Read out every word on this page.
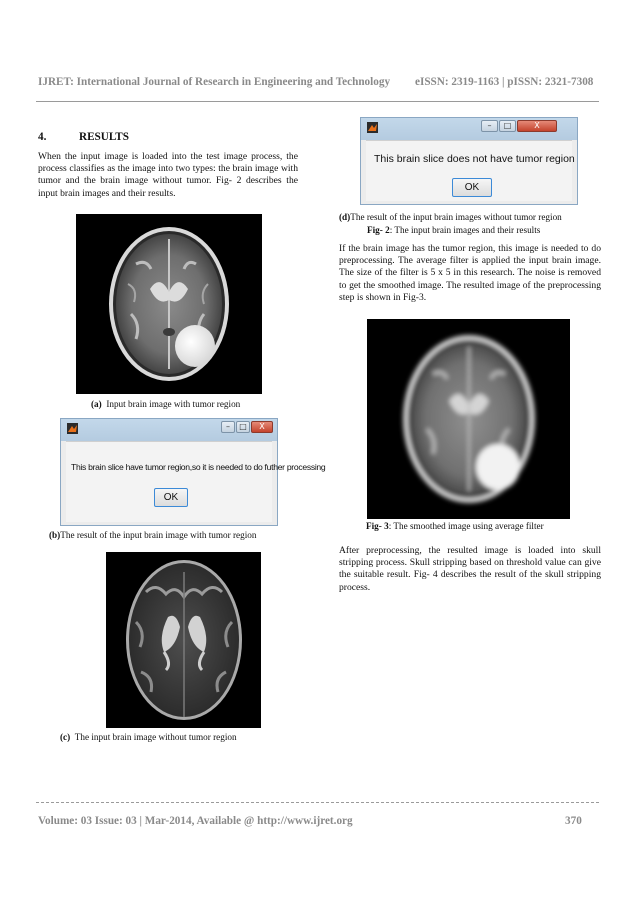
IJRET: International Journal of Research in Engineering and Technology eISSN: 2319-1163 | pISSN: 2321-7308
4.	RESULTS
When the input image is loaded into the test image process, the process classifies as the image into two types: the brain image with tumor and the brain image without tumor. Fig- 2 describes the input brain images and their results.
(a) Input brain image with tumor region
–	□	X
This brain slice have tumor region,so it is needed to do futher processing
OK
(b)The result of the input brain image with tumor region
(c) The input brain image without tumor region
–	□	X
This brain slice does not have tumor region
OK
(d)The result of the input brain images without tumor region
Fig- 2: The input brain images and their results
If the brain image has the tumor region, this image is needed to do preprocessing. The average filter is applied the input brain image. The size of the filter is 5 x 5 in this research. The noise is removed to get the smoothed image. The resulted image of the preprocessing step is shown in Fig-3.
Fig- 3: The smoothed image using average filter
After preprocessing, the resulted image is loaded into skull stripping process. Skull stripping based on threshold value can give the suitable result. Fig- 4 describes the result of the skull stripping process.
Volume: 03 Issue: 03 | Mar-2014, Available @ http://www.ijret.org	370
